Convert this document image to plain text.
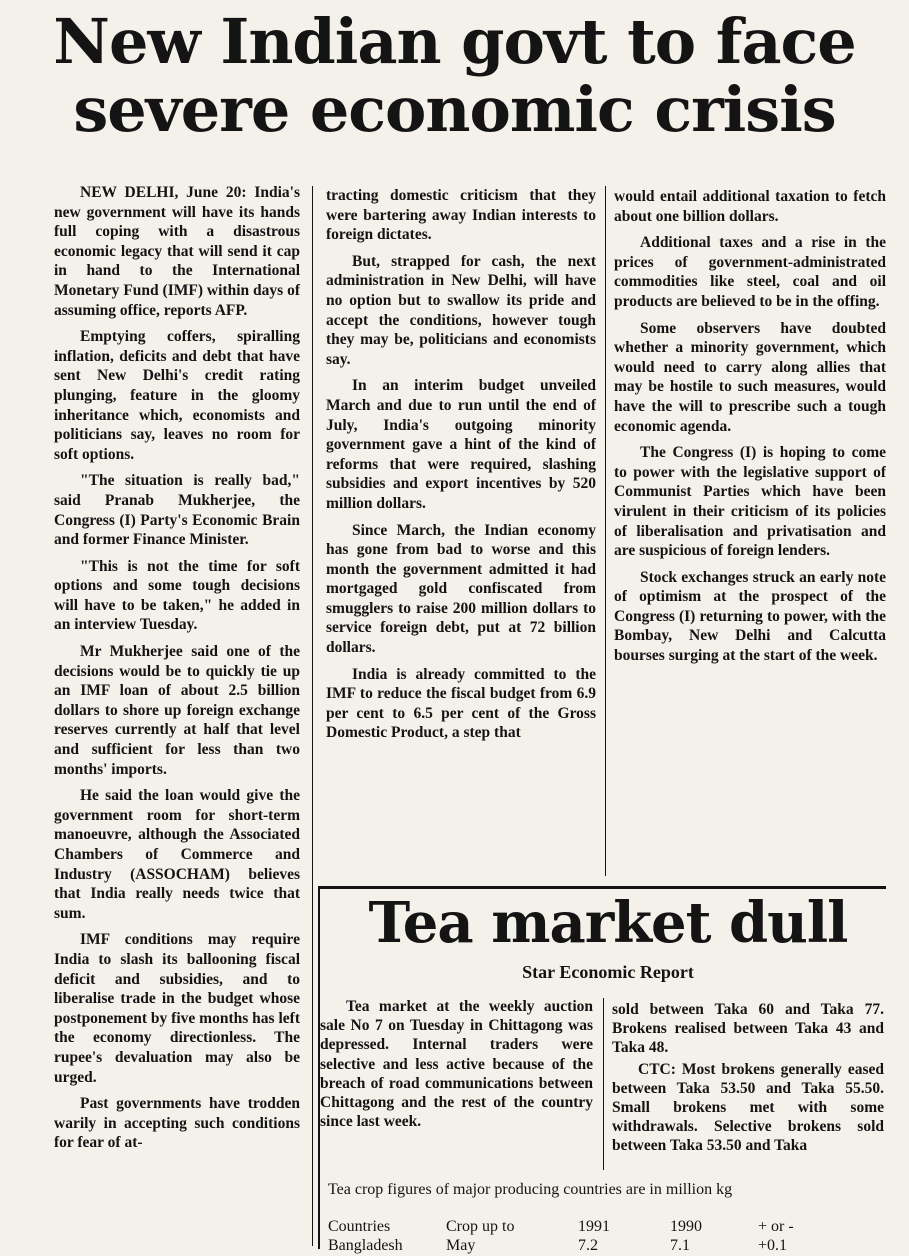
New Indian govt to face severe economic crisis

NEW DELHI, June 20: India's new government will have its hands full coping with a disastrous economic legacy that will send it cap in hand to the International Monetary Fund (IMF) within days of assuming office, reports AFP.

Emptying coffers, spiralling inflation, deficits and debt that have sent New Delhi's credit rating plunging, feature in the gloomy inheritance which, economists and politicians say, leaves no room for soft options.

"The situation is really bad," said Pranab Mukherjee, the Congress (I) Party's Economic Brain and former Finance Minister.

"This is not the time for soft options and some tough decisions will have to be taken," he added in an interview Tuesday.

Mr Mukherjee said one of the decisions would be to quickly tie up an IMF loan of about 2.5 billion dollars to shore up foreign exchange reserves currently at half that level and sufficient for less than two months' imports.

He said the loan would give the government room for short-term manoeuvre, although the Associated Chambers of Commerce and Industry (ASSOCHAM) believes that India really needs twice that sum.

IMF conditions may require India to slash its ballooning fiscal deficit and subsidies, and to liberalise trade in the budget whose postponement by five months has left the economy directionless. The rupee's devaluation may also be urged.

Past governments have trodden warily in accepting such conditions for fear of at-

tracting domestic criticism that they were bartering away Indian interests to foreign dictates.

But, strapped for cash, the next administration in New Delhi, will have no option but to swallow its pride and accept the conditions, however tough they may be, politicians and economists say.

In an interim budget unveiled March and due to run until the end of July, India's outgoing minority government gave a hint of the kind of reforms that were required, slashing subsidies and export incentives by 520 million dollars.

Since March, the Indian economy has gone from bad to worse and this month the government admitted it had mortgaged gold confiscated from smugglers to raise 200 million dollars to service foreign debt, put at 72 billion dollars.

India is already committed to the IMF to reduce the fiscal budget from 6.9 per cent to 6.5 per cent of the Gross Domestic Product, a step that

would entail additional taxation to fetch about one billion dollars.

Additional taxes and a rise in the prices of government-administrated commodities like steel, coal and oil products are believed to be in the offing.

Some observers have doubted whether a minority government, which would need to carry along allies that may be hostile to such measures, would have the will to prescribe such a tough economic agenda.

The Congress (I) is hoping to come to power with the legislative support of Communist Parties which have been virulent in their criticism of its policies of liberalisation and privatisation and are suspicious of foreign lenders.

Stock exchanges struck an early note of optimism at the prospect of the Congress (I) returning to power, with the Bombay, New Delhi and Calcutta bourses surging at the start of the week.

Tea market dull
Star Economic Report

Tea market at the weekly auction sale No 7 on Tuesday in Chittagong was depressed. Internal traders were selective and less active because of the breach of road communications between Chittagong and the rest of the country since last week.

sold between Taka 60 and Taka 77. Brokens realised between Taka 43 and Taka 48.

CTC: Most brokens generally eased between Taka 53.50 and Taka 55.50. Small brokens met with some withdrawals. Selective brokens sold between Taka 53.50 and Taka

Tea crop figures of major producing countries are in million kg
Countries	Crop up to	1991	1990	+ or -
Bangladesh	May	7.2	7.1	+0.1
